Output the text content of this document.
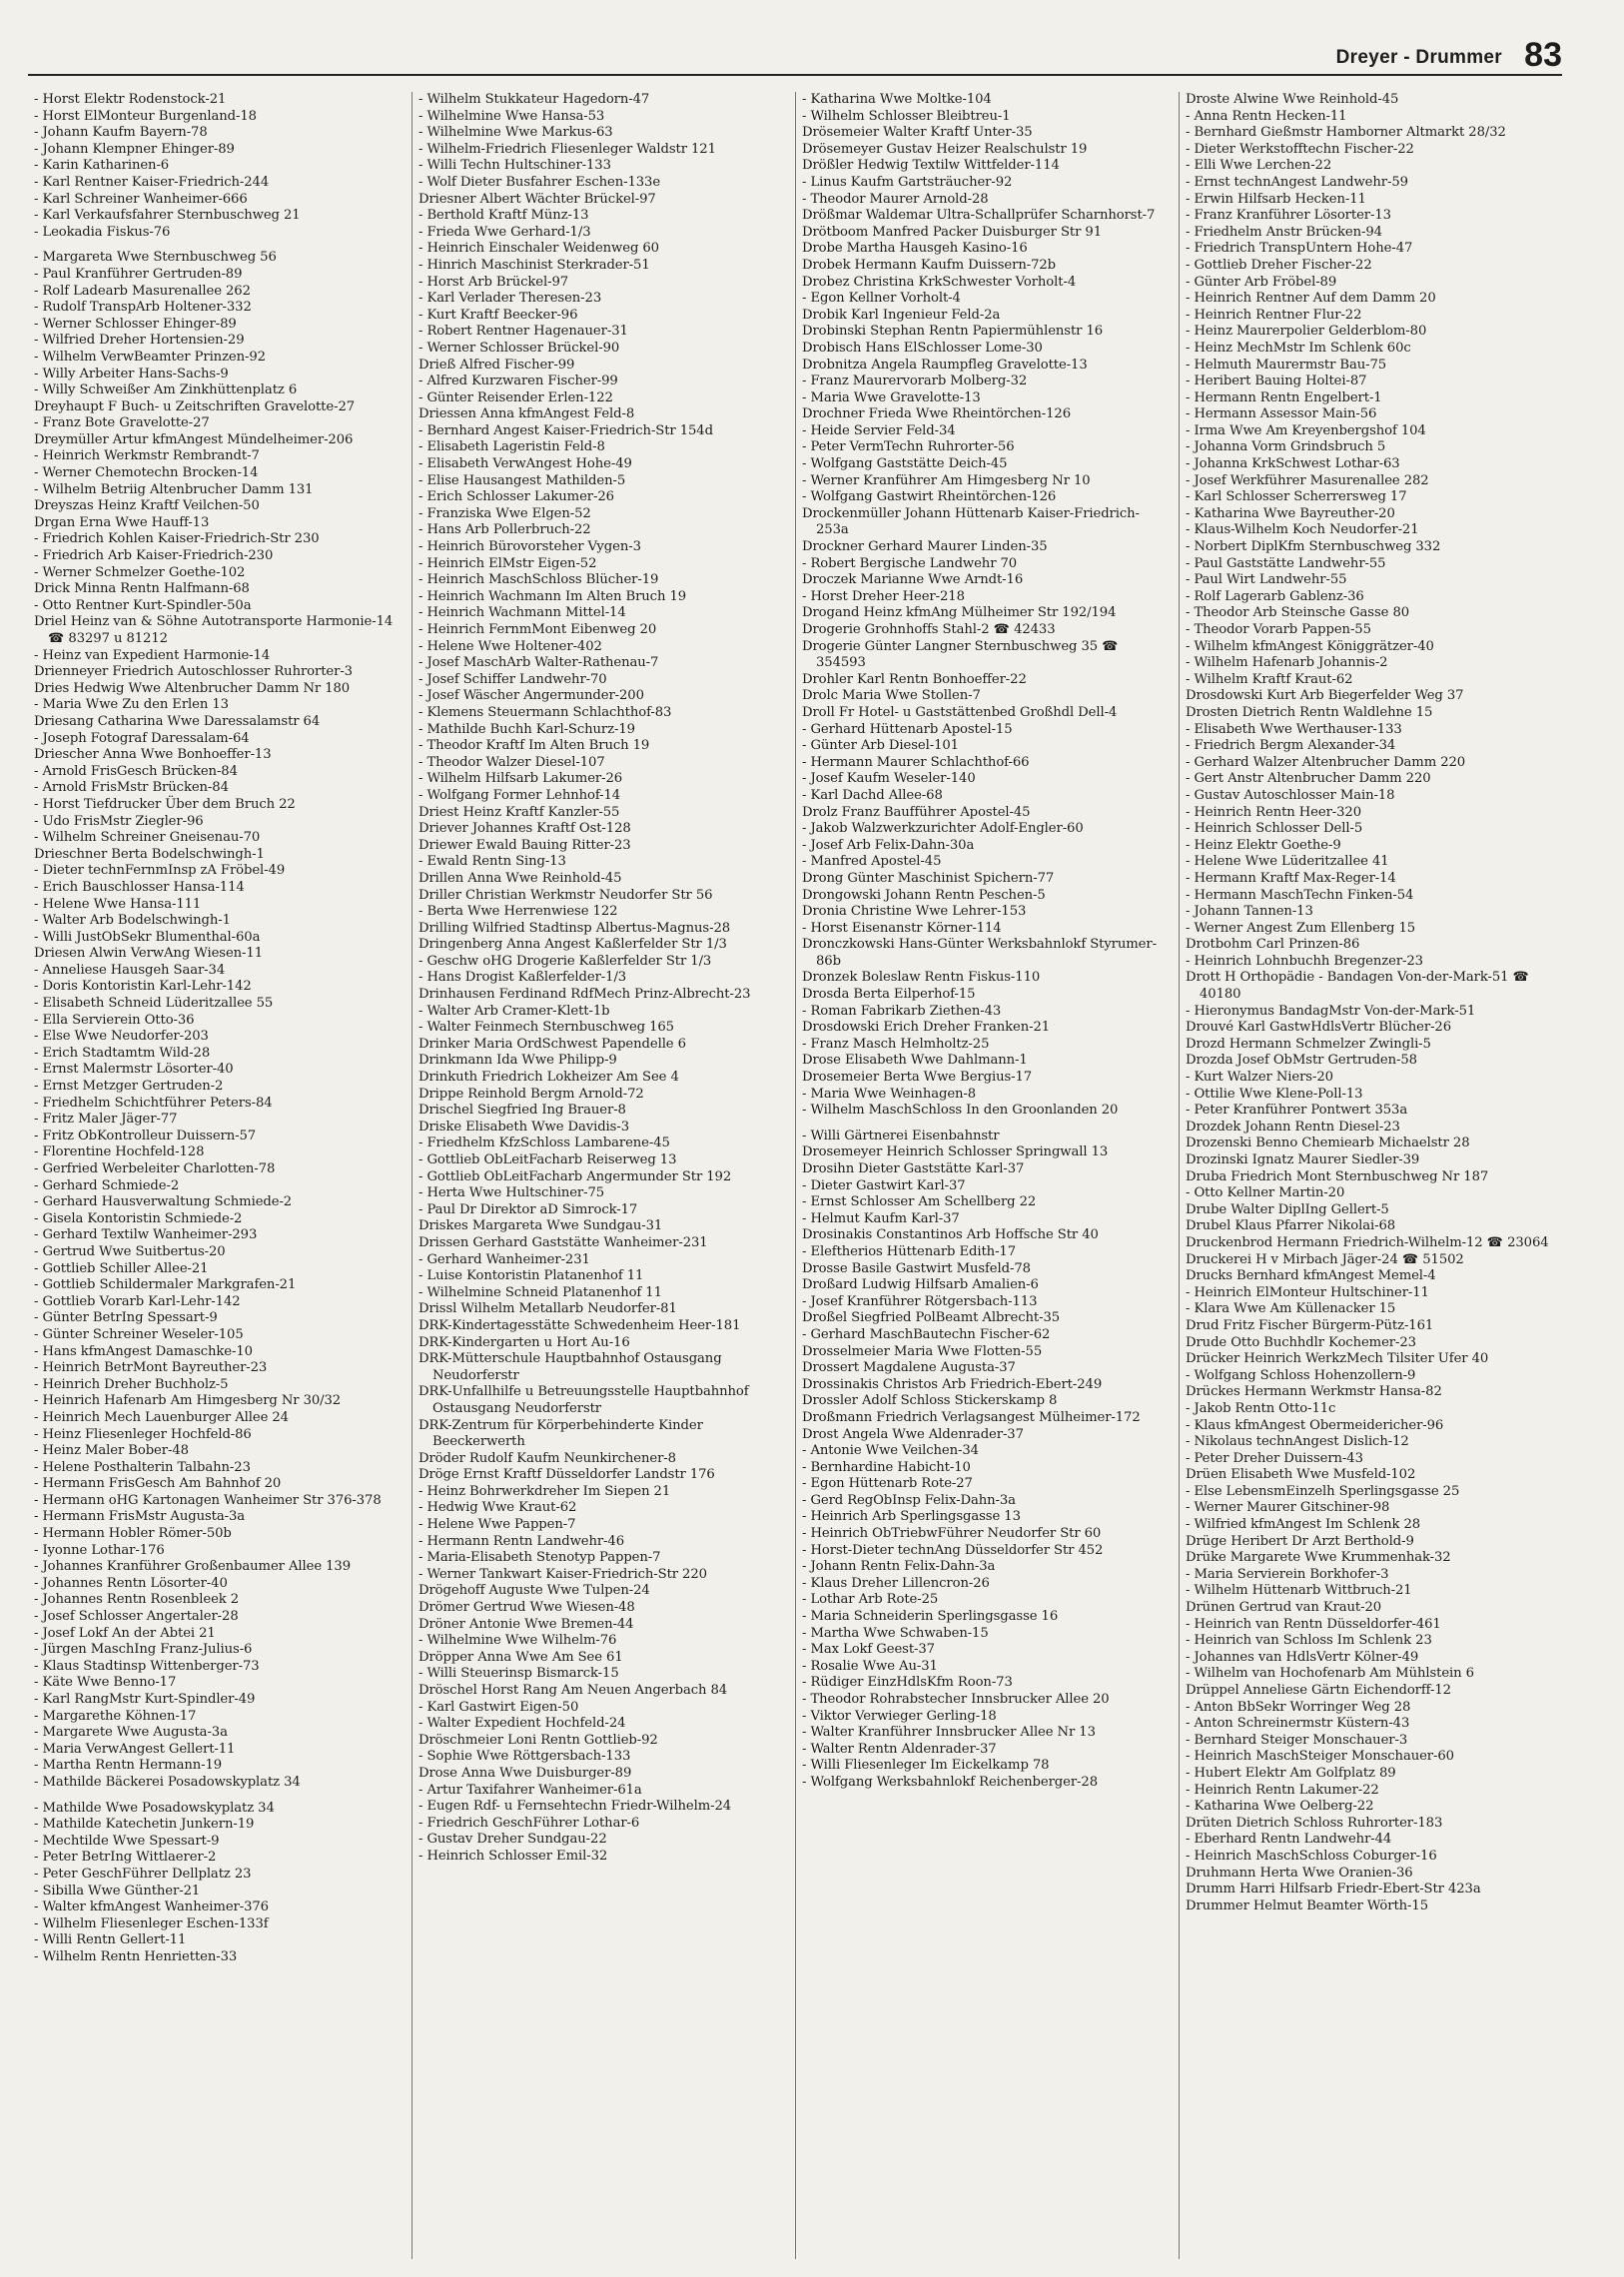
Dreyer - Drummer 83
- Horst Elektr Rodenstock-21
- Horst ElMonteur Burgenland-18
- Johann Kaufm Bayern-78
- Johann Klempner Ehinger-89
- Karin Katharinen-6
- Karl Rentner Kaiser-Friedrich-244
- Karl Schreiner Wanheimer-666
- Karl Verkaufsfahrer Sternbuschweg 21
- Leokadia Fiskus-76
- Margareta Wwe Sternbuschweg 56
- Paul Kranführer Gertruden-89
- Rolf Ladearb Masurenallee 262
- Rudolf TranspArb Holtener-332
- Werner Schlosser Ehinger-89
- Wilfried Dreher Hortensien-29
- Wilhelm VerwBeamter Prinzen-92
- Willy Arbeiter Hans-Sachs-9
- Willy Schweißer Am Zinkhüttenplatz 6
Dreyhaupt F Buch- u Zeitschriften Gravelotte-27
- Franz Bote Gravelotte-27
Dreymüller Artur kfmAngest Mündelheimer-206
- Heinrich Werkmstr Rembrandt-7
- Werner Chemotechn Brocken-14
- Wilhelm Betriig Altenbrucher Damm 131
Dreyszas Heinz Kraftf Veilchen-50
Drgan Erna Wwe Hauff-13
- Friedrich Kohlen Kaiser-Friedrich-Str 230
- Friedrich Arb Kaiser-Friedrich-230
- Werner Schmelzer Goethe-102
Drick Minna Rentn Halfmann-68
- Otto Rentner Kurt-Spindler-50a
Driel Heinz van & Söhne Autotransporte Harmonie-14 ☎ 83297 u 81212
- Heinz van Expedient Harmonie-14
Drienneyer Friedrich Autoschlosser Ruhrorter-3
Dries Hedwig Wwe Altenbrucher Damm Nr 180
- Maria Wwe Zu den Erlen 13
Driesang Catharina Wwe Daressalamstr 64
- Joseph Fotograf Daressalam-64
Driescher Anna Wwe Bonhoeffer-13
- Arnold FrisGesch Brücken-84
- Arnold FrisMstr Brücken-84
- Horst Tiefdrucker Über dem Bruch 22
- Udo FrisMstr Ziegler-96
- Wilhelm Schreiner Gneisenau-70
Drieschner Berta Bodelschwingh-1
- Dieter technFernmInsp zA Fröbel-49
- Erich Bauschlosser Hansa-114
- Helene Wwe Hansa-111
- Walter Arb Bodelschwingh-1
- Willi JustObSekr Blumenthal-60a
Driesen Alwin VerwAng Wiesen-11
- Anneliese Hausgeh Saar-34
- Doris Kontoristin Karl-Lehr-142
- Elisabeth Schneid Lüderitzallee 55
- Ella Servierein Otto-36
- Else Wwe Neudorfer-203
- Erich Stadtamtm Wild-28
- Ernst Malermstr Lösorter-40
- Ernst Metzger Gertruden-2
- Friedhelm Schichtführer Peters-84
- Fritz Maler Jäger-77
- Fritz ObKontrolleur Duissern-57
- Florentine Hochfeld-128
- Gerfried Werbeleiter Charlotten-78
- Gerhard Schmiede-2
- Gerhard Hausverwaltung Schmiede-2
- Gisela Kontoristin Schmiede-2
- Gerhard Textilw Wanheimer-293
- Gertrud Wwe Suitbertus-20
- Gottlieb Schiller Allee-21
- Gottlieb Schildermaler Markgrafen-21
- Gottlieb Vorarb Karl-Lehr-142
- Günter BetrIng Spessart-9
- Günter Schreiner Weseler-105
- Hans kfmAngest Damaschke-10
- Heinrich BetrMont Bayreuther-23
- Heinrich Dreher Buchholz-5
- Heinrich Hafenarb Am Himgesberg Nr 30/32
- Heinrich Mech Lauenburger Allee 24
- Heinz Fliesenleger Hochfeld-86
- Heinz Maler Bober-48
- Helene Posthalterin Talbahn-23
- Hermann FrisGesch Am Bahnhof 20
- Hermann oHG Kartonagen Wanheimer Str 376-378
- Hermann FrisMstr Augusta-3a
- Hermann Hobler Römer-50b
- Iyonne Lothar-176
- Johannes Kranführer Großenbaumer Allee 139
- Johannes Rentn Lösorter-40
- Johannes Rentn Rosenbleek 2
- Josef Schlosser Angertaler-28
- Josef Lokf An der Abtei 21
- Jürgen MaschIng Franz-Julius-6
- Klaus Stadtinsp Wittenberger-73
- Käte Wwe Benno-17
- Karl RangMstr Kurt-Spindler-49
- Margarethe Köhnen-17
- Margarete Wwe Augusta-3a
- Maria VerwAngest Gellert-11
- Martha Rentn Hermann-19
- Mathilde Bäckerei Posadowskyplatz 34
- Mathilde Wwe Posadowskyplatz 34
- Mathilde Katechetin Junkern-19
- Mechtilde Wwe Spessart-9
- Peter BetrIng Wittlaerer-2
- Peter GeschFührer Dellplatz 23
- Sibilla Wwe Günther-21
- Walter kfmAngest Wanheimer-376
- Wilhelm Fliesenleger Eschen-133f
- Willi Rentn Gellert-11
- Wilhelm Rentn Henrietten-33
- Wilhelm Stukkateur Hagedorn-47
- Wilhelmine Wwe Hansa-53
- Wilhelmine Wwe Markus-63
- Wilhelm-Friedrich Fliesenleger Waldstr 121
- Willi Techn Hultschiner-133
- Wolf Dieter Busfahrer Eschen-133e
Driesner Albert Wächter Brückel-97
- Berthold Kraftf Münz-13
- Frieda Wwe Gerhard-1/3
- Heinrich Einschaler Weidenweg 60
- Hinrich Maschinist Sterkrader-51
- Horst Arb Brückel-97
- Karl Verlader Theresen-23
- Kurt Kraftf Beecker-96
- Robert Rentner Hagenauer-31
- Werner Schlosser Brückel-90
Drieß Alfred Fischer-99
- Alfred Kurzwaren Fischer-99
- Günter Reisender Erlen-122
Driessen Anna kfmAngest Feld-8
- Bernhard Angest Kaiser-Friedrich-Str 154d
- Elisabeth Lageristin Feld-8
- Elisabeth VerwAngest Hohe-49
- Elise Hausangest Mathilden-5
- Erich Schlosser Lakumer-26
- Franziska Wwe Elgen-52
- Hans Arb Pollerbruch-22
- Heinrich Bürovorsteher Vygen-3
- Heinrich ElMstr Eigen-52
- Heinrich MaschSchloss Blücher-19
- Heinrich Wachmann Im Alten Bruch 19
- Heinrich Wachmann Mittel-14
- Heinrich FernmMont Eibenweg 20
- Helene Wwe Holtener-402
- Josef MaschArb Walter-Rathenau-7
- Josef Schiffer Landwehr-70
- Josef Wäscher Angermunder-200
- Klemens Steuermann Schlachthof-83
- Mathilde Buchh Karl-Schurz-19
- Theodor Kraftf Im Alten Bruch 19
- Theodor Walzer Diesel-107
- Wilhelm Hilfsarb Lakumer-26
- Wolfgang Former Lehnhof-14
Driest Heinz Kraftf Kanzler-55
Driever Johannes Kraftf Ost-128
Driewer Ewald Bauing Ritter-23
- Ewald Rentn Sing-13
Drillen Anna Wwe Reinhold-45
Driller Christian Werkmstr Neudorfer Str 56
- Berta Wwe Herrenwiese 122
Drilling Wilfried Stadtinsp Albertus-Magnus-28
Dringenberg Anna Angest Kaßlerfelder Str 1/3
- Geschw oHG Drogerie Kaßlerfelder Str 1/3
- Hans Drogist Kaßlerfelder-1/3
Drinhausen Ferdinand RdfMech Prinz-Albrecht-23
- Walter Arb Cramer-Klett-1b
- Walter Feinmech Sternbuschweg 165
Drinker Maria OrdSchwest Papendelle 6
Drinkmann Ida Wwe Philipp-9
Drinkuth Friedrich Lokheizer Am See 4
Drippe Reinhold Bergm Arnold-72
Drischel Siegfried Ing Brauer-8
Driske Elisabeth Wwe Davidis-3
- Friedhelm KfzSchloss Lambarene-45
- Gottlieb ObLeitFacharb Reiserweg 13
- Gottlieb ObLeitFacharb Angermunder Str 192
- Herta Wwe Hultschiner-75
- Paul Dr Direktor aD Simrock-17
Driskes Margareta Wwe Sundgau-31
Drissen Gerhard Gaststätte Wanheimer-231
- Gerhard Wanheimer-231
- Luise Kontoristin Platanenhof 11
- Wilhelmine Schneid Platanenhof 11
Drissl Wilhelm Metallarb Neudorfer-81
DRK-Kindertagesstätte Schwedenheim Heer-181
DRK-Kindergarten u Hort Au-16
DRK-Mütterschule Hauptbahnhof Ostausgang Neudorferstr
DRK-Unfallhilfe u Betreuungsstelle Hauptbahnhof Ostausgang Neudorferstr
DRK-Zentrum für Körperbehinderte Kinder Beeckerwerth
Dröder Rudolf Kaufm Neunkirchener-8
Dröge Ernst Kraftf Düsseldorfer Landstr 176
- Heinz Bohrwerkdreher Im Siepen 21
- Hedwig Wwe Kraut-62
- Helene Wwe Pappen-7
- Hermann Rentn Landwehr-46
- Maria-Elisabeth Stenotyp Pappen-7
- Werner Tankwart Kaiser-Friedrich-Str 220
Drögehoff Auguste Wwe Tulpen-24
Drömer Gertrud Wwe Wiesen-48
Dröner Antonie Wwe Bremen-44
- Wilhelmine Wwe Wilhelm-76
Dröpper Anna Wwe Am See 61
- Willi Steuerinsp Bismarck-15
Dröschel Horst Rang Am Neuen Angerbach 84
- Karl Gastwirt Eigen-50
- Walter Expedient Hochfeld-24
Dröschmeier Loni Rentn Gottlieb-92
- Sophie Wwe Röttgersbach-133
Drose Anna Wwe Duisburger-89
- Artur Taxifahrer Wanheimer-61a
- Eugen Rdf- u Fernsehtechn Friedr-Wilhelm-24
- Friedrich GeschFührer Lothar-6
- Gustav Dreher Sundgau-22
- Heinrich Schlosser Emil-32
- Katharina Wwe Moltke-104
- Wilhelm Schlosser Bleibtreu-1
Drösemeier Walter Kraftf Unter-35
Drösemeyer Gustav Heizer Realschulstr 19
Drößler Hedwig Textilw Wittfelder-114
- Linus Kaufm Gartsträucher-92
- Theodor Maurer Arnold-28
Drößmar Waldemar Ultra-Schallprüfer Scharnhorst-7
Drötboom Manfred Packer Duisburger Str 91
Drobe Martha Hausgeh Kasino-16
Drobek Hermann Kaufm Duissern-72b
Drobez Christina KrkSchwester Vorholt-4
- Egon Kellner Vorholt-4
Drobik Karl Ingenieur Feld-2a
Drobinski Stephan Rentn Papiermühlenstr 16
Drobisch Hans ElSchlosser Lome-30
Drobnitza Angela Raumpfleg Gravelotte-13
- Franz Maurervorarb Molberg-32
- Maria Wwe Gravelotte-13
Drochner Frieda Wwe Rheintörchen-126
- Heide Servier Feld-34
- Peter VermTechn Ruhrorter-56
- Wolfgang Gaststätte Deich-45
- Werner Kranführer Am Himgesberg Nr 10
- Wolfgang Gastwirt Rheintörchen-126
Drockenmüller Johann Hüttenarb Kaiser-Friedrich-253a
Drockner Gerhard Maurer Linden-35
- Robert Bergische Landwehr 70
Droczek Marianne Wwe Arndt-16
- Horst Dreher Heer-218
Drogand Heinz kfmAng Mülheimer Str 192/194
Drogerie Grohnhoffs Stahl-2 ☎ 42433
Drogerie Günter Langner Sternbuschweg 35 ☎ 354593
Drohler Karl Rentn Bonhoeffer-22
Drolc Maria Wwe Stollen-7
Droll Fr Hotel- u Gaststättenbed Großhdl Dell-4
- Gerhard Hüttenarb Apostel-15
- Günter Arb Diesel-101
- Hermann Maurer Schlachthof-66
- Josef Kaufm Weseler-140
- Karl Dachd Allee-68
Drolz Franz Baufführer Apostel-45
- Jakob Walzwerkzurichter Adolf-Engler-60
- Josef Arb Felix-Dahn-30a
- Manfred Apostel-45
Drong Günter Maschinist Spichern-77
Drongowski Johann Rentn Peschen-5
Dronia Christine Wwe Lehrer-153
- Horst Eisenanstr Körner-114
Dronczkowski Hans-Günter Werksbahnlokf Styrumer-86b
Dronzek Boleslaw Rentn Fiskus-110
Drosda Berta Eilperhof-15
- Roman Fabrikarb Ziethen-43
Drosdowski Erich Dreher Franken-21
- Franz Masch Helmholtz-25
Drose Elisabeth Wwe Dahlmann-1
Drosemeier Berta Wwe Bergius-17
- Maria Wwe Weinhagen-8
- Wilhelm MaschSchloss In den Groonlanden 20
- Willi Gärtnerei Eisenbahnstr
Drosemeyer Heinrich Schlosser Springwall 13
Drosihn Dieter Gaststätte Karl-37
- Dieter Gastwirt Karl-37
- Ernst Schlosser Am Schellberg 22
- Helmut Kaufm Karl-37
Drosinakis Constantinos Arb Hoffsche Str 40
- Eleftherios Hüttenarb Edith-17
Drosse Basile Gastwirt Musfeld-78
Droßard Ludwig Hilfsarb Amalien-6
- Josef Kranführer Rötgersbach-113
Droßel Siegfried PolBeamt Albrecht-35
- Gerhard MaschBautechn Fischer-62
Drosselmeier Maria Wwe Flotten-55
Drossert Magdalene Augusta-37
Drossinakis Christos Arb Friedrich-Ebert-249
Drossler Adolf Schloss Stickerskamp 8
Droßmann Friedrich Verlagsangest Mülheimer-172
Drost Angela Wwe Aldenrader-37
- Antonie Wwe Veilchen-34
- Bernhardine Habicht-10
- Egon Hüttenarb Rote-27
- Gerd RegObInsp Felix-Dahn-3a
- Heinrich Arb Sperlingsgasse 13
- Heinrich ObTriebwFührer Neudorfer Str 60
- Horst-Dieter technAng Düsseldorfer Str 452
- Johann Rentn Felix-Dahn-3a
- Klaus Dreher Lillencron-26
- Lothar Arb Rote-25
- Maria Schneiderin Sperlingsgasse 16
- Martha Wwe Schwaben-15
- Max Lokf Geest-37
- Rosalie Wwe Au-31
- Rüdiger EinzHdlsKfm Roon-73
- Theodor Rohrabstecher Innsbrucker Allee 20
- Viktor Verwieger Gerling-18
- Walter Kranführer Innsbrucker Allee Nr 13
- Walter Rentn Aldenrader-37
- Willi Fliesenleger Im Eickelkamp 78
- Wolfgang Werksbahnlokf Reichenberger-28
Droste Alwine Wwe Reinhold-45
- Anna Rentn Hecken-11
- Bernhard Gießmstr Hamborner Altmarkt 28/32
- Dieter Werkstofftechn Fischer-22
- Elli Wwe Lerchen-22
- Ernst technAngest Landwehr-59
- Erwin Hilfsarb Hecken-11
- Franz Kranführer Lösorter-13
- Friedhelm Anstr Brücken-94
- Friedrich TranspUntern Hohe-47
- Gottlieb Dreher Fischer-22
- Günter Arb Fröbel-89
- Heinrich Rentner Auf dem Damm 20
- Heinrich Rentner Flur-22
- Heinz Maurerpolier Gelderblom-80
- Heinz MechMstr Im Schlenk 60c
- Helmuth Maurermstr Bau-75
- Heribert Bauing Holtei-87
- Hermann Rentn Engelbert-1
- Hermann Assessor Main-56
- Irma Wwe Am Kreyenbergshof 104
- Johanna Vorm Grindsbruch 5
- Johanna KrkSchwest Lothar-63
- Josef Werkführer Masurenallee 282
- Karl Schlosser Scherrersweg 17
- Katharina Wwe Bayreuther-20
- Klaus-Wilhelm Koch Neudorfer-21
- Norbert DiplKfm Sternbuschweg 332
- Paul Gaststätte Landwehr-55
- Paul Wirt Landwehr-55
- Rolf Lagerarb Gablenz-36
- Theodor Arb Steinsche Gasse 80
- Theodor Vorarb Pappen-55
- Wilhelm kfmAngest Königgrätzer-40
- Wilhelm Hafenarb Johannis-2
- Wilhelm Kraftf Kraut-62
Drosdowski Kurt Arb Biegerfelder Weg 37
Drosten Dietrich Rentn Waldlehne 15
- Elisabeth Wwe Werthauser-133
- Friedrich Bergm Alexander-34
- Gerhard Walzer Altenbrucher Damm 220
- Gert Anstr Altenbrucher Damm 220
- Gustav Autoschlosser Main-18
- Heinrich Rentn Heer-320
- Heinrich Schlosser Dell-5
- Heinz Elektr Goethe-9
- Helene Wwe Lüderitzallee 41
- Hermann Kraftf Max-Reger-14
- Hermann MaschTechn Finken-54
- Johann Tannen-13
- Werner Angest Zum Ellenberg 15
Drotbohm Carl Prinzen-86
- Heinrich Lohnbuchh Bregenzer-23
Drott H Orthopädie - Bandagen Von-der-Mark-51 ☎ 40180
- Hieronymus BandagMstr Von-der-Mark-51
Drouvé Karl GastwHdlsVertr Blücher-26
Drozd Hermann Schmelzer Zwingli-5
Drozda Josef ObMstr Gertruden-58
- Kurt Walzer Niers-20
- Ottilie Wwe Klene-Poll-13
- Peter Kranführer Pontwert 353a
Drozdek Johann Rentn Diesel-23
Drozenski Benno Chemiearb Michaelstr 28
Drozinski Ignatz Maurer Siedler-39
Druba Friedrich Mont Sternbuschweg Nr 187
- Otto Kellner Martin-20
Drube Walter DiplIng Gellert-5
Drubel Klaus Pfarrer Nikolai-68
Druckenbrod Hermann Friedrich-Wilhelm-12 ☎ 23064
Druckerei H v Mirbach Jäger-24 ☎ 51502
Drucks Bernhard kfmAngest Memel-4
- Heinrich ElMonteur Hultschiner-11
- Klara Wwe Am Küllenacker 15
Drud Fritz Fischer Bürgerm-Pütz-161
Drude Otto Buchhdlr Kochemer-23
Drücker Heinrich WerkzMech Tilsiter Ufer 40
- Wolfgang Schloss Hohenzollern-9
Drückes Hermann Werkmstr Hansa-82
- Jakob Rentn Otto-11c
- Klaus kfmAngest Obermeidericher-96
- Nikolaus technAngest Dislich-12
- Peter Dreher Duissern-43
Drüen Elisabeth Wwe Musfeld-102
- Else LebensmEinzelh Sperlingsgasse 25
- Werner Maurer Gitschiner-98
- Wilfried kfmAngest Im Schlenk 28
Drüge Heribert Dr Arzt Berthold-9
Drüke Margarete Wwe Krummenhak-32
- Maria Servierein Borkhofer-3
- Wilhelm Hüttenarb Wittbruch-21
Drünen Gertrud van Kraut-20
- Heinrich van Rentn Düsseldorfer-461
- Heinrich van Schloss Im Schlenk 23
- Johannes van HdlsVertr Kölner-49
- Wilhelm van Hochofenarb Am Mühlstein 6
Drüppel Anneliese Gärtn Eichendorff-12
- Anton BbSekr Worringer Weg 28
- Anton Schreinermstr Küstern-43
- Bernhard Steiger Monschauer-3
- Heinrich MaschSteiger Monschauer-60
- Hubert Elektr Am Golfplatz 89
- Heinrich Rentn Lakumer-22
- Katharina Wwe Oelberg-22
Drüten Dietrich Schloss Ruhrorter-183
- Eberhard Rentn Landwehr-44
- Heinrich MaschSchloss Coburger-16
Druhmann Herta Wwe Oranien-36
Drumm Harri Hilfsarb Friedr-Ebert-Str 423a
Drummer Helmut Beamter Wörth-15
